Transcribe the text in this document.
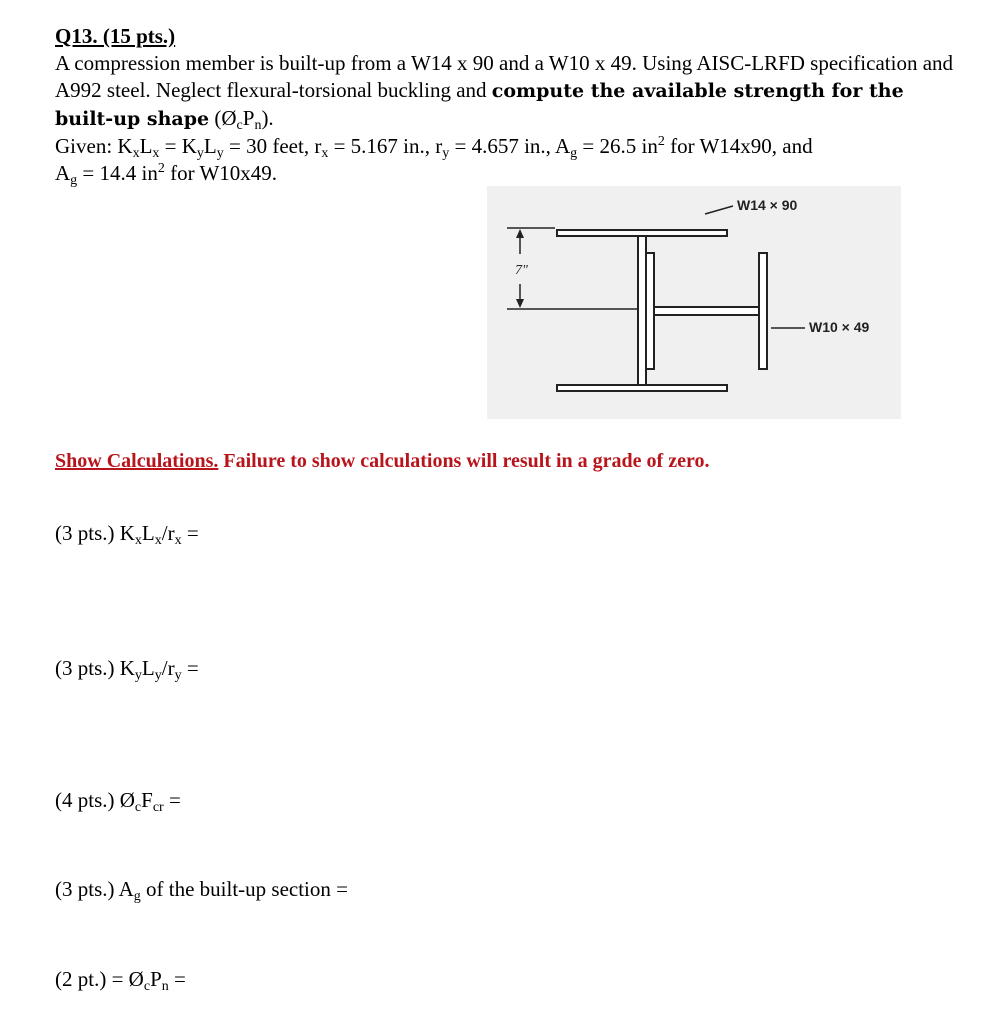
Q13. (15 pts.)

A compression member is built-up from a W14 x 90 and a W10 x 49. Using AISC-LRFD specification and A992 steel. Neglect flexural-torsional buckling and compute the available strength for the built-up shape $(Ø_cP_n)$.
Given: $K_xL_x = K_yL_y = 30$ feet, $r_x = 5.167$ in., $r_y = 4.657$ in., $A_g = 26.5$ $in^2$ for W14x90, and
$A_g = 14.4$ $in^2$ for W10x49.

7"
W14 × 90
W10 × 49

Show Calculations. Failure to show calculations will result in a grade of zero.

(3 pts.) $K_xL_x/r_x$ =

(3 pts.) $K_yL_y/r_y$ =

(4 pts.) $Ø_cF_{cr}$ =

(3 pts.) $A_g$ of the built-up section =

(2 $pt.) = Ø_cP_n$ =
